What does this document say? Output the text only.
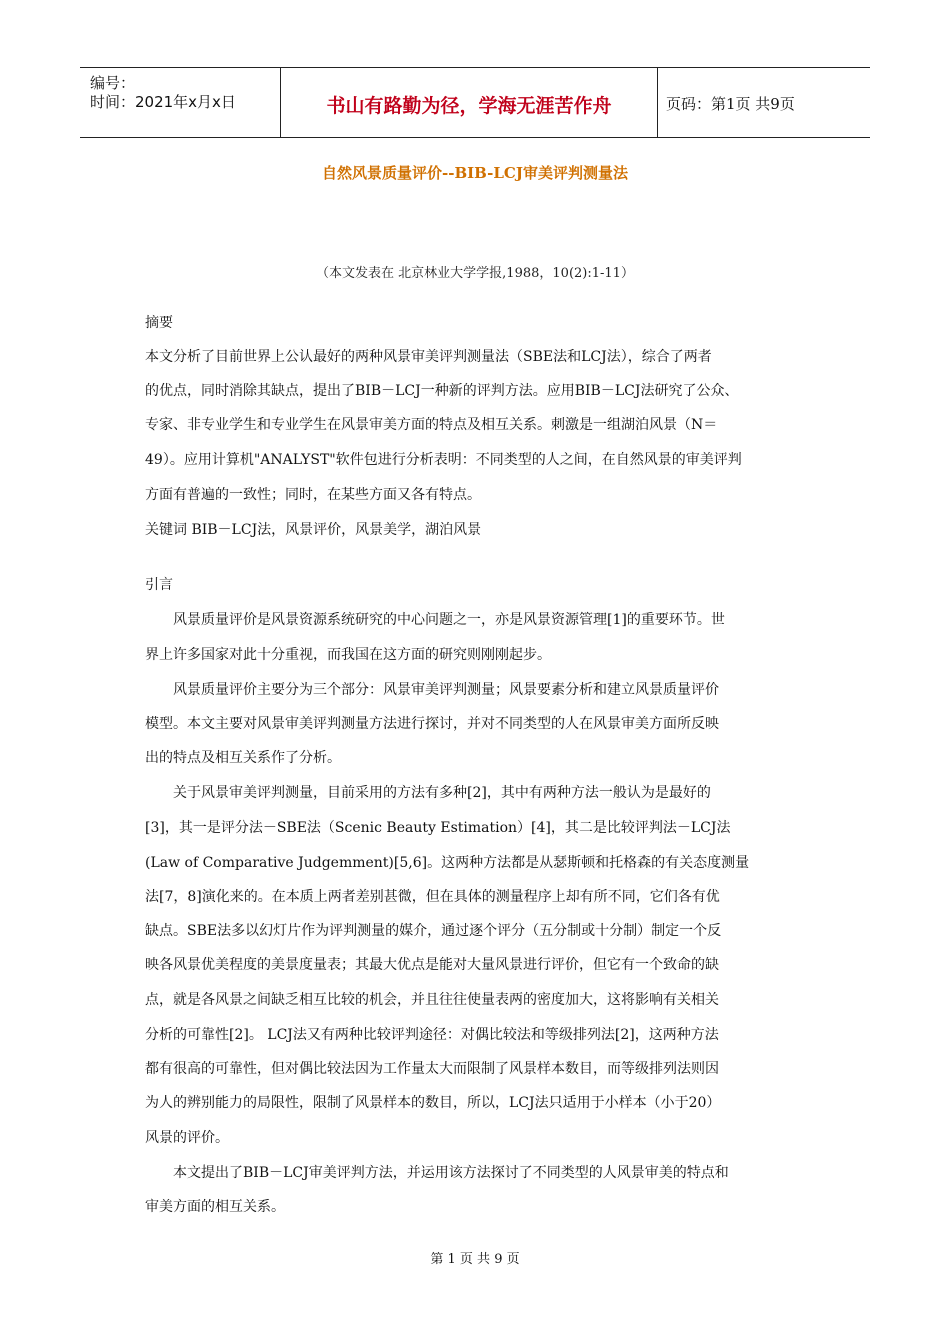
编号：
时间：2021年x月x日	书山有路勤为径，学海无涯苦作舟	页码：第1页 共9页
自然风景质量评价--BIB-LCJ审美评判测量法
（本文发表在 北京林业大学学报,1988，10(2):1-11）
摘要
本文分析了目前世界上公认最好的两种风景审美评判测量法（SBE法和LCJ法），综合了两者
的优点，同时消除其缺点，提出了BIB－LCJ一种新的评判方法。应用BIB－LCJ法研究了公众、
专家、非专业学生和专业学生在风景审美方面的特点及相互关系。刺激是一组湖泊风景（N＝
49）。应用计算机"ANALYST"软件包进行分析表明：不同类型的人之间，在自然风景的审美评判
方面有普遍的一致性；同时，在某些方面又各有特点。
关键词 BIB－LCJ法，风景评价，风景美学，湖泊风景
引言
　　风景质量评价是风景资源系统研究的中心问题之一，亦是风景资源管理[1]的重要环节。世
界上许多国家对此十分重视，而我国在这方面的研究则刚刚起步。
　　风景质量评价主要分为三个部分：风景审美评判测量；风景要素分析和建立风景质量评价
模型。本文主要对风景审美评判测量方法进行探讨，并对不同类型的人在风景审美方面所反映
出的特点及相互关系作了分析。
　　关于风景审美评判测量，目前采用的方法有多种[2]，其中有两种方法一般认为是最好的
[3]，其一是评分法－SBE法（Scenic Beauty Estimation）[4]，其二是比较评判法－LCJ法
(Law of Comparative Judgemment)[5,6]。这两种方法都是从瑟斯顿和托格森的有关态度测量
法[7，8]演化来的。在本质上两者差别甚微，但在具体的测量程序上却有所不同，它们各有优
缺点。SBE法多以幻灯片作为评判测量的媒介，通过逐个评分（五分制或十分制）制定一个反
映各风景优美程度的美景度量表；其最大优点是能对大量风景进行评价，但它有一个致命的缺
点，就是各风景之间缺乏相互比较的机会，并且往往使量表两的密度加大，这将影响有关相关
分析的可靠性[2]。 LCJ法又有两种比较评判途径：对偶比较法和等级排列法[2]，这两种方法
都有很高的可靠性，但对偶比较法因为工作量太大而限制了风景样本数目，而等级排列法则因
为人的辨别能力的局限性，限制了风景样本的数目，所以，LCJ法只适用于小样本（小于20）
风景的评价。
　　本文提出了BIB－LCJ审美评判方法，并运用该方法探讨了不同类型的人风景审美的特点和
审美方面的相互关系。
第 1 页 共 9 页
